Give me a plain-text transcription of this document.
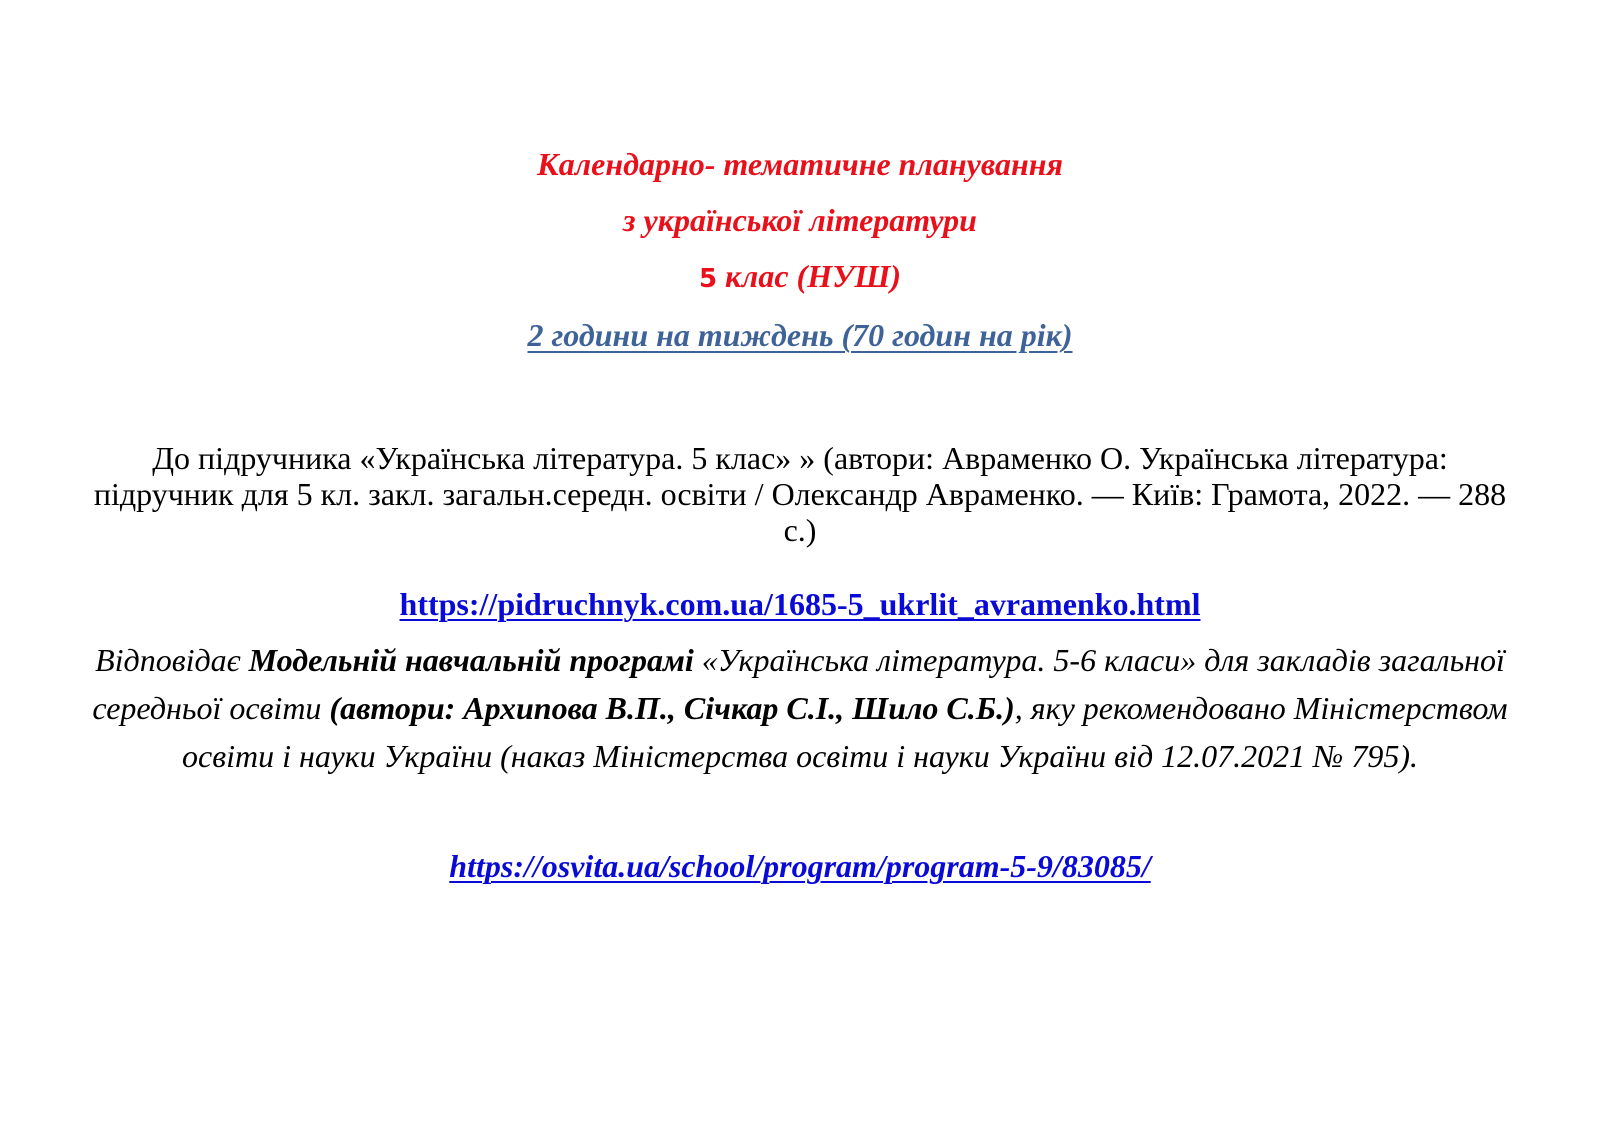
Календарно- тематичне планування
з української літератури
5 клас (НУШ)
2 години на тиждень (70 годин на рік)
До підручника «Українська література. 5 клас» » (автори: Авраменко О. Українська література: підручник для 5 кл. закл. загальн.середн. освіти / Олександр Авраменко. — Київ: Грамота, 2022. — 288 с.)
https://pidruchnyk.com.ua/1685-5_ukrlit_avramenko.html
Відповідає Модельній навчальній програмі «Українська література. 5-6 класи» для закладів загальної середньої освіти (автори: Архипова В.П., Січкар С.І., Шило С.Б.), яку рекомендовано Міністерством освіти і науки України (наказ Міністерства освіти і науки України від 12.07.2021 № 795).
https://osvita.ua/school/program/program-5-9/83085/
